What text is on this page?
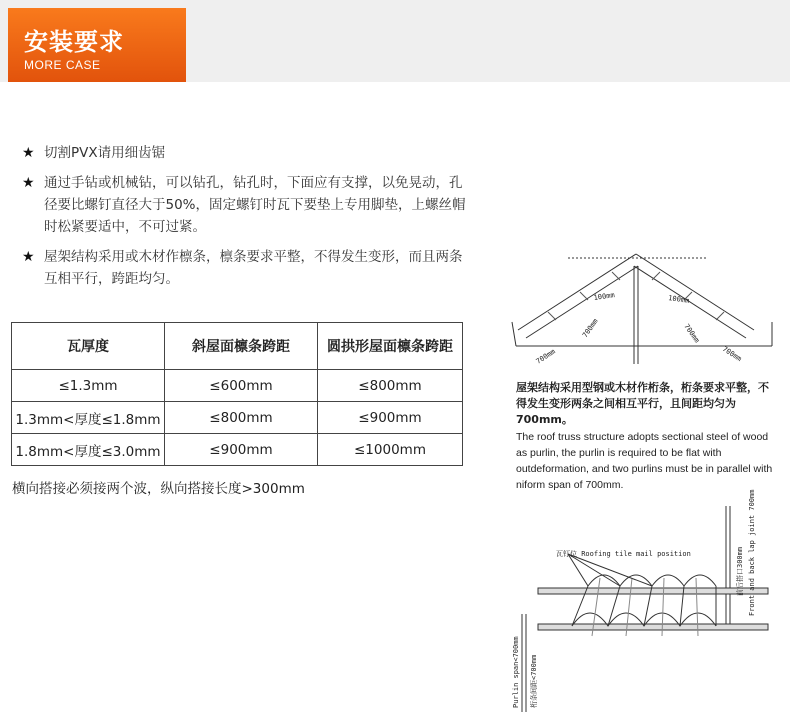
安装要求
MORE CASE
★ 切割PVX请用细齿锯
★ 通过手钻或机械钻，可以钻孔，钻孔时，下面应有支撑，以免晃动，孔径要比螺钉直径大于50%，固定螺钉时瓦下要垫上专用脚垫，上螺丝帽时松紧要适中，不可过紧。
★ 屋架结构采用或木材作檩条，檩条要求平整，不得发生变形，而且两条互相平行，跨距均匀。
瓦厚度	斜屋面檩条跨距	圆拱形屋面檩条跨距
≤1.3mm	≤600mm	≤800mm
1.3mm<厚度≤1.8mm	≤800mm	≤900mm
1.8mm<厚度≤3.0mm	≤900mm	≤1000mm
横向搭接必须接两个波，纵向搭接长度>300mm
100mm	100mm
700mm
700mm
700mm
700mm
屋架结构采用型钢或木材作桁条，桁条要求平整，不得发生变形两条之间相互平行，且间距均匀为700mm。
The roof truss structure adopts sectional steel of wood as purlin, the purlin is required to be flat with outdeformation, and two purlins must be in parallel with niform span of 700mm.
瓦钉位 Roofing tile mail position	Front and back lap joint 700mm
前后搭口300mm
Purlin span<700mm 桁条间距<700mm
